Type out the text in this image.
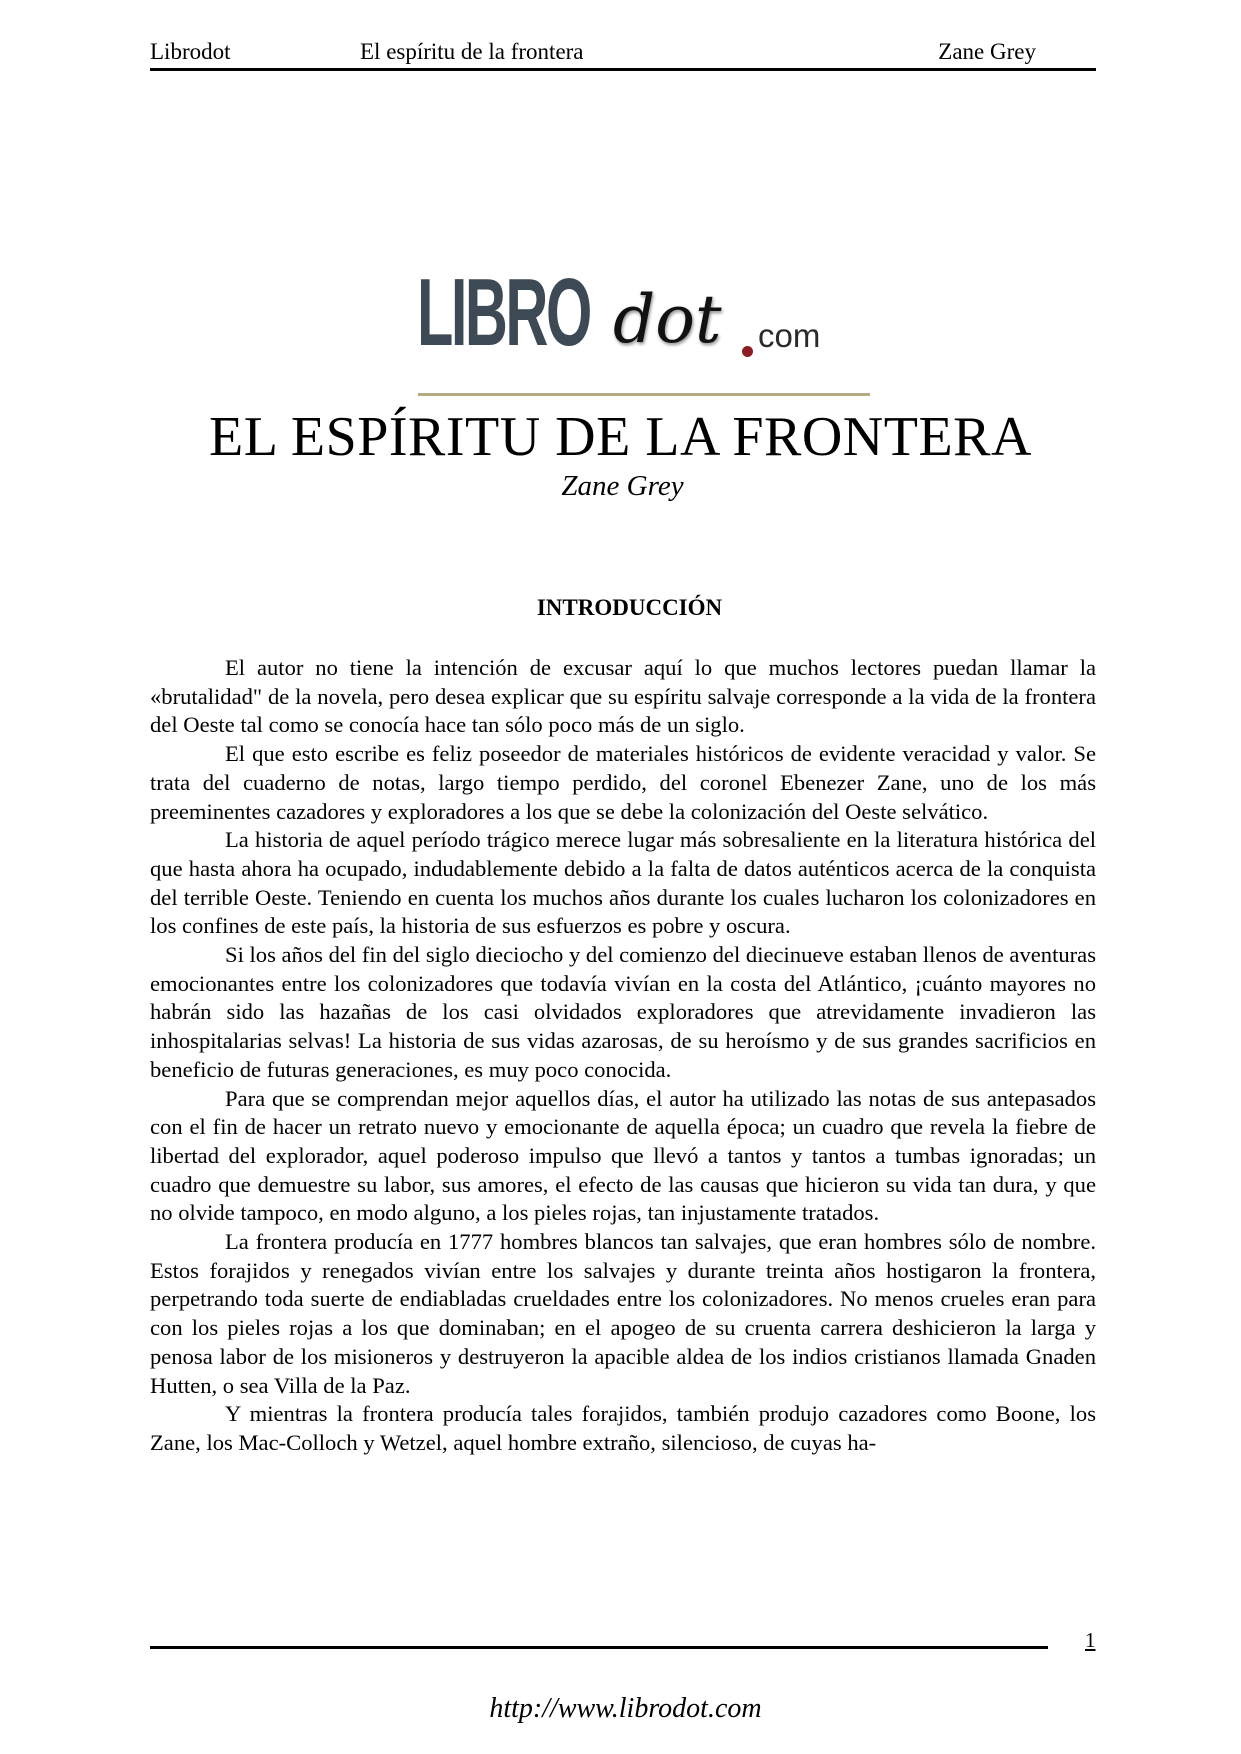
Librodot	El espíritu de la frontera	Zane Grey
LIBRO dot com
EL ESPÍRITU DE LA FRONTERA
Zane Grey
INTRODUCCIÓN

El autor no tiene la intención de excusar aquí lo que muchos lectores puedan llamar la «brutalidad" de la novela, pero desea explicar que su espíritu salvaje corresponde a la vida de la frontera del Oeste tal como se conocía hace tan sólo poco más de un siglo.

El que esto escribe es feliz poseedor de materiales históricos de evidente veracidad y valor. Se trata del cuaderno de notas, largo tiempo perdido, del coronel Ebenezer Zane, uno de los más preeminentes cazadores y exploradores a los que se debe la colonización del Oeste selvático.

La historia de aquel período trágico merece lugar más sobresaliente en la literatura histórica del que hasta ahora ha ocupado, indudablemente debido a la falta de datos auténticos acerca de la conquista del terrible Oeste. Teniendo en cuenta los muchos años durante los cuales lucharon los colonizadores en los confines de este país, la historia de sus esfuerzos es pobre y oscura.

Si los años del fin del siglo dieciocho y del comienzo del diecinueve estaban llenos de aventuras emocionantes entre los colonizadores que todavía vivían en la costa del Atlántico, ¡cuánto mayores no habrán sido las hazañas de los casi olvidados exploradores que atrevidamente invadieron las inhospitalarias selvas! La historia de sus vidas azarosas, de su heroísmo y de sus grandes sacrificios en beneficio de futuras generaciones, es muy poco conocida.

Para que se comprendan mejor aquellos días, el autor ha utilizado las notas de sus antepasados con el fin de hacer un retrato nuevo y emocionante de aquella época; un cuadro que revela la fiebre de libertad del explorador, aquel poderoso impulso que llevó a tantos y tantos a tumbas ignoradas; un cuadro que demuestre su labor, sus amores, el efecto de las causas que hicieron su vida tan dura, y que no olvide tampoco, en modo alguno, a los pieles rojas, tan injustamente tratados.

La frontera producía en 1777 hombres blancos tan salvajes, que eran hombres sólo de nombre. Estos forajidos y renegados vivían entre los salvajes y durante treinta años hostigaron la frontera, perpetrando toda suerte de endiabladas crueldades entre los colonizadores. No menos crueles eran para con los pieles rojas a los que dominaban; en el apogeo de su cruenta carrera deshicieron la larga y penosa labor de los misioneros y destruyeron la apacible aldea de los indios cristianos llamada Gnaden Hutten, o sea Villa de la Paz.

Y mientras la frontera producía tales forajidos, también produjo cazadores como Boone, los Zane, los Mac-Colloch y Wetzel, aquel hombre extraño, silencioso, de cuyas ha-

1
http://www.librodot.com
